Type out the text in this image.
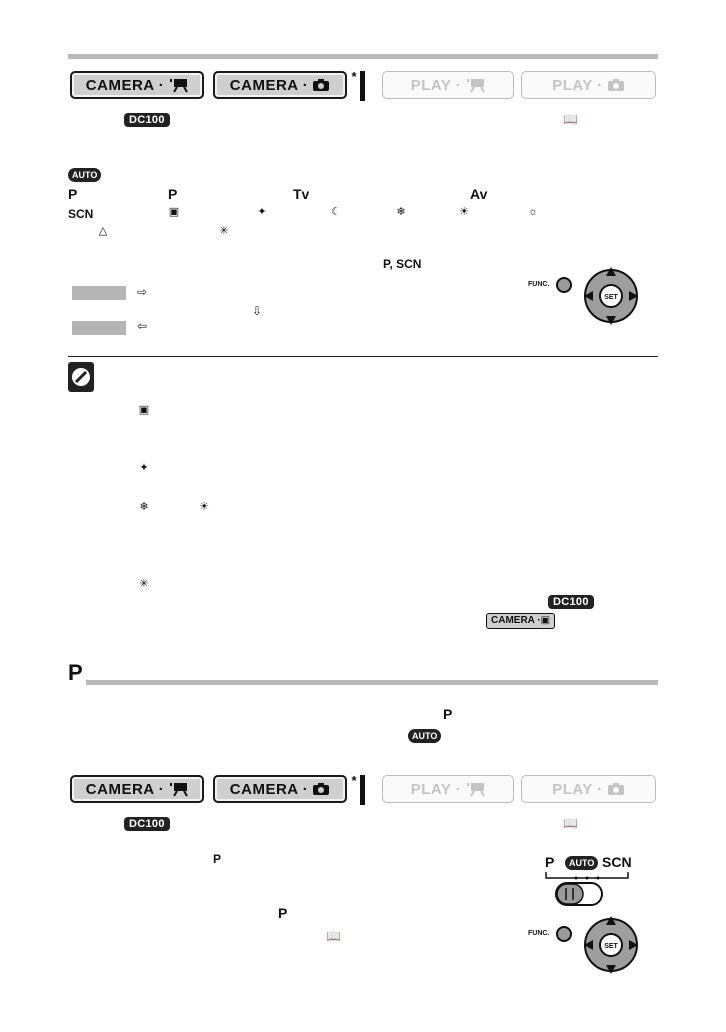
CAMERA ·	CAMERA ·	*	PLAY ·	PLAY ·
DC100	📖
AUTO
P	P	Tv	Av
SCN	▣	✦	☾	❄	☀	☼
△	✳
P, SCN
⇨
⇩
⇦
FUNC.
SET
▣
✦
❄	☀
✳
DC100
CAMERA ·▣
P
P
AUTO
CAMERA ·	CAMERA ·	*	PLAY ·	PLAY ·
DC100	📖
P
P
📖
P	AUTO SCN
FUNC.
SET
